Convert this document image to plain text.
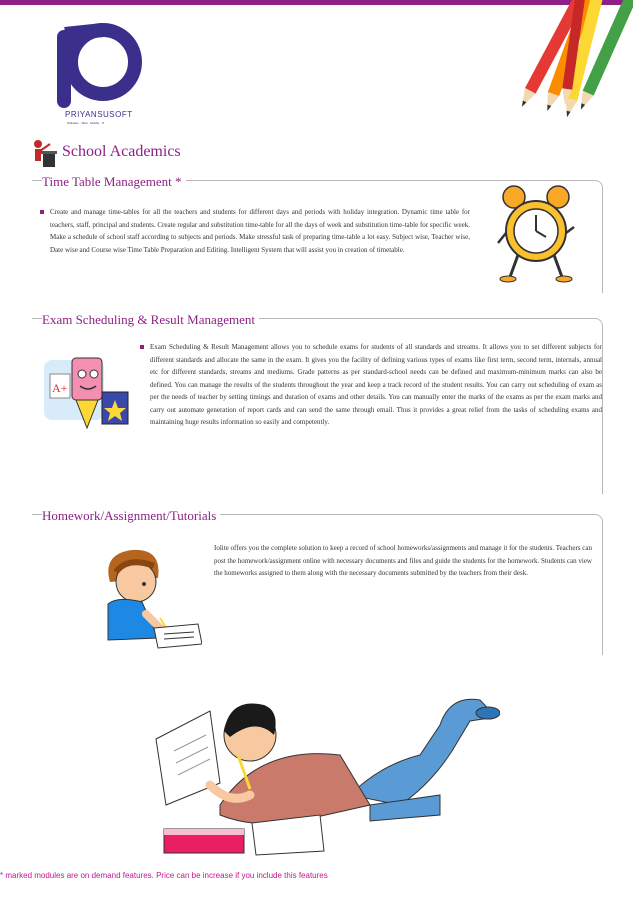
PRIYANSUSOFT
Software · Web · Mobile · IT
School Academics
Time Table Management *
Create and manage time-tables for all the teachers and students for different days and periods with holiday integration. Dynamic time table for teachers, staff, principal and students. Create regular and substitution time-table for all the days of week and substitution time-table for specific week. Make a schedule of school staff according to subjects and periods. Make stressful task of preparing time-table a lot easy. Subject wise, Teacher wise, Date wise and Course wise Time Table Preparation and Editing. Intelligent System that will assist you in creation of timetable.
Exam Scheduling & Result Management
Exam Scheduling & Result Management allows you to schedule exams for students of all standards and streams. It allows you to set different subjects for different standards and allocate the same in the exam. It gives you the facility of defining various types of exams like first term, second term, internals, annual etc for different standards, streams and mediums. Grade patterns as per standard-school needs can be defined and maximum-minimum marks can also be defined. You can manage the results of the students throughout the year and keep a track record of the student results. You can carry out scheduling of exam as per the needs of teacher by setting timings and duration of exams and other details. You can manually enter the marks of the exams as per the exam marks and carry out automate generation of report cards and can send the same through email. Thus it provides a great relief from the tasks of scheduling exams and maintaining huge results information so easily and competently.
A+
Homework/Assignment/Tutorials
Iolite offers you the complete solution to keep a record of school homeworks/assignments and manage it for the students. Teachers can post the homework/assignment online with necessary documents and files and guide the students for the homework. Students can view the homeworks assigned to them along with the necessary documents submitted by the teachers from their desk.
* marked modules are on demand features. Price can be increase if you include this features
